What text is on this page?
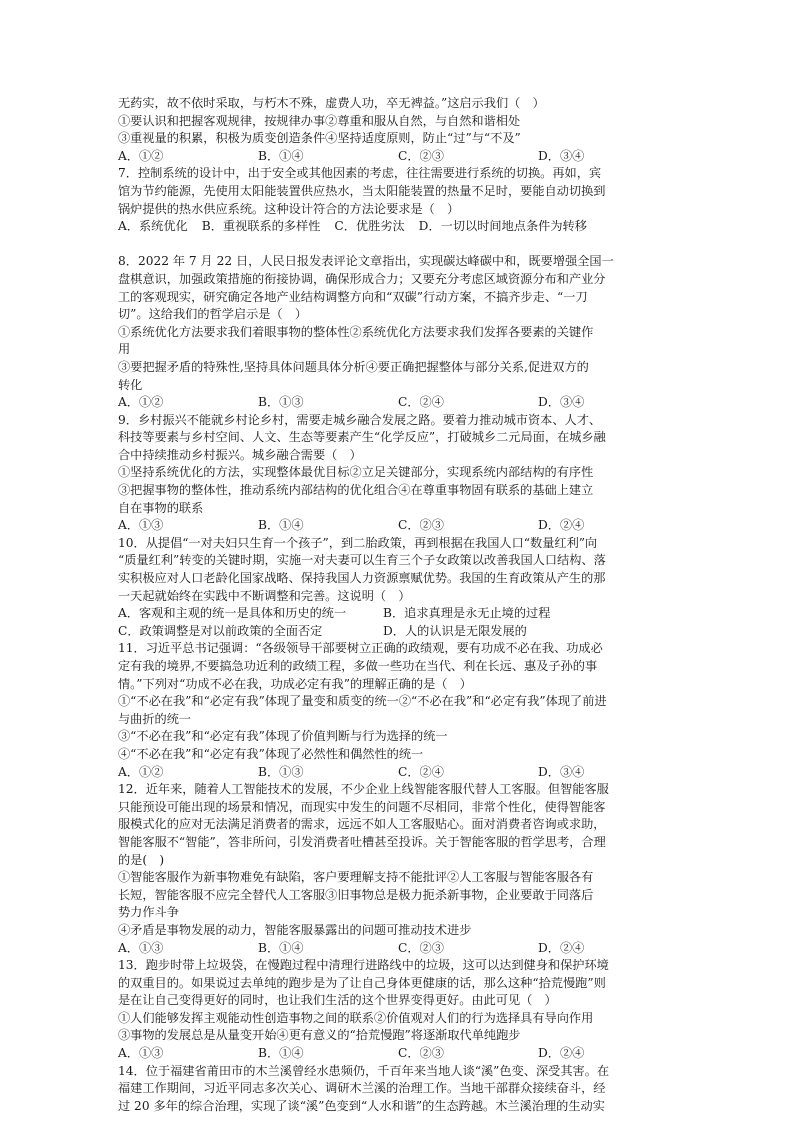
无药实，故不依时采取，与朽木不殊，虚费人功，卒无裨益。”这启示我们（　）
①要认识和把握客观规律，按规律办事②尊重和服从自然，与自然和谐相处
③重视量的积累，积极为质变创造条件④坚持适度原则，防止“过”与“不及”
A．①②	B．①④	C．②③	D．③④
7．控制系统的设计中，出于安全或其他因素的考虑，往往需要进行系统的切换。再如，宾
馆为节约能源，先使用太阳能装置供应热水，当太阳能装置的热量不足时，要能自动切换到
锅炉提供的热水供应系统。这种设计符合的方法论要求是（　）
A．系统优化 B．重视联系的多样性 C．优胜劣汰 D．一切以时间地点条件为转移
8．2022 年 7 月 22 日，人民日报发表评论文章指出，实现碳达峰碳中和，既要增强全国一
盘棋意识，加强政策措施的衔接协调，确保形成合力；又要充分考虑区域资源分布和产业分
工的客观现实，研究确定各地产业结构调整方向和“双碳”行动方案，不搞齐步走、“一刀
切”。这给我们的哲学启示是（　）
①系统优化方法要求我们着眼事物的整体性②系统优化方法要求我们发挥各要素的关键作
用
③要把握矛盾的特殊性,坚持具体问题具体分析④要正确把握整体与部分关系,促进双方的
转化
A．①②	B．①③	C．②④	D．③④
9．乡村振兴不能就乡村论乡村，需要走城乡融合发展之路。要着力推动城市资本、人才、
科技等要素与乡村空间、人文、生态等要素产生“化学反应”，打破城乡二元局面，在城乡融
合中持续推动乡村振兴。城乡融合需要（　）
①坚持系统优化的方法，实现整体最优目标②立足关键部分，实现系统内部结构的有序性
③把握事物的整体性，推动系统内部结构的优化组合④在尊重事物固有联系的基础上建立
自在事物的联系
A．①③	B．①④	C．②③	D．②④
10．从提倡“一对夫妇只生育一个孩子”，到二胎政策，再到根据在我国人口“数量红利”向
“质量红利”转变的关键时期，实施一对夫妻可以生育三个子女政策以改善我国人口结构、落
实积极应对人口老龄化国家战略、保持我国人力资源禀赋优势。我国的生育政策从产生的那
一天起就始终在实践中不断调整和完善。这说明（　）
A．客观和主观的统一是具体和历史的统一	B．追求真理是永无止境的过程
C．政策调整是对以前政策的全面否定	D．人的认识是无限发展的
11．习近平总书记强调：“各级领导干部要树立正确的政绩观，要有功成不必在我、功成必
定有我的境界,不要搞急功近利的政绩工程，多做一些功在当代、利在长远、惠及子孙的事
情。”下列对“功成不必在我，功成必定有我”的理解正确的是（　）
①“不必在我”和“必定有我”体现了量变和质变的统一②“不必在我”和“必定有我”体现了前进
与曲折的统一
③“不必在我”和“必定有我”体现了价值判断与行为选择的统一
④“不必在我”和“必定有我”体现了必然性和偶然性的统一
A．①②	B．①③	C．②④	D．③④
12．近年来，随着人工智能技术的发展，不少企业上线智能客服代替人工客服。但智能客服
只能预设可能出现的场景和情况，而现实中发生的问题不尽相同，非常个性化，使得智能客
服模式化的应对无法满足消费者的需求，远远不如人工客服贴心。面对消费者咨询或求助，
智能客服不“智能”，答非所问，引发消费者吐槽甚至投诉。关于智能客服的哲学思考，合理
的是(　)
①智能客服作为新事物难免有缺陷，客户要理解支持不能批评②人工客服与智能客服各有
长短，智能客服不应完全替代人工客服③旧事物总是极力扼杀新事物，企业要敢于同落后
势力作斗争
④矛盾是事物发展的动力，智能客服暴露出的问题可推动技术进步
A．①③	B．①④	C．②③	D．②④
13．跑步时带上垃圾袋，在慢跑过程中清理行进路线中的垃圾，这可以达到健身和保护环境
的双重目的。如果说过去单纯的跑步是为了让自己身体更健康的话，那么这种“拾荒慢跑”则
是在让自己变得更好的同时，也让我们生活的这个世界变得更好。由此可见（　）
①人们能够发挥主观能动性创造事物之间的联系②价值观对人们的行为选择具有导向作用
③事物的发展总是从量变开始④更有意义的“拾荒慢跑”将逐渐取代单纯跑步
A．①③	B．①④	C．②③	D．②④
14．位于福建省莆田市的木兰溪曾经水患频仍，千百年来当地人谈“溪”色变、深受其害。在
福建工作期间，习近平同志多次关心、调研木兰溪的治理工作。当地干部群众接续奋斗，经
过 20 多年的综合治理，实现了谈“溪”色变到“人水和谐”的生态跨越。木兰溪治理的生动实
